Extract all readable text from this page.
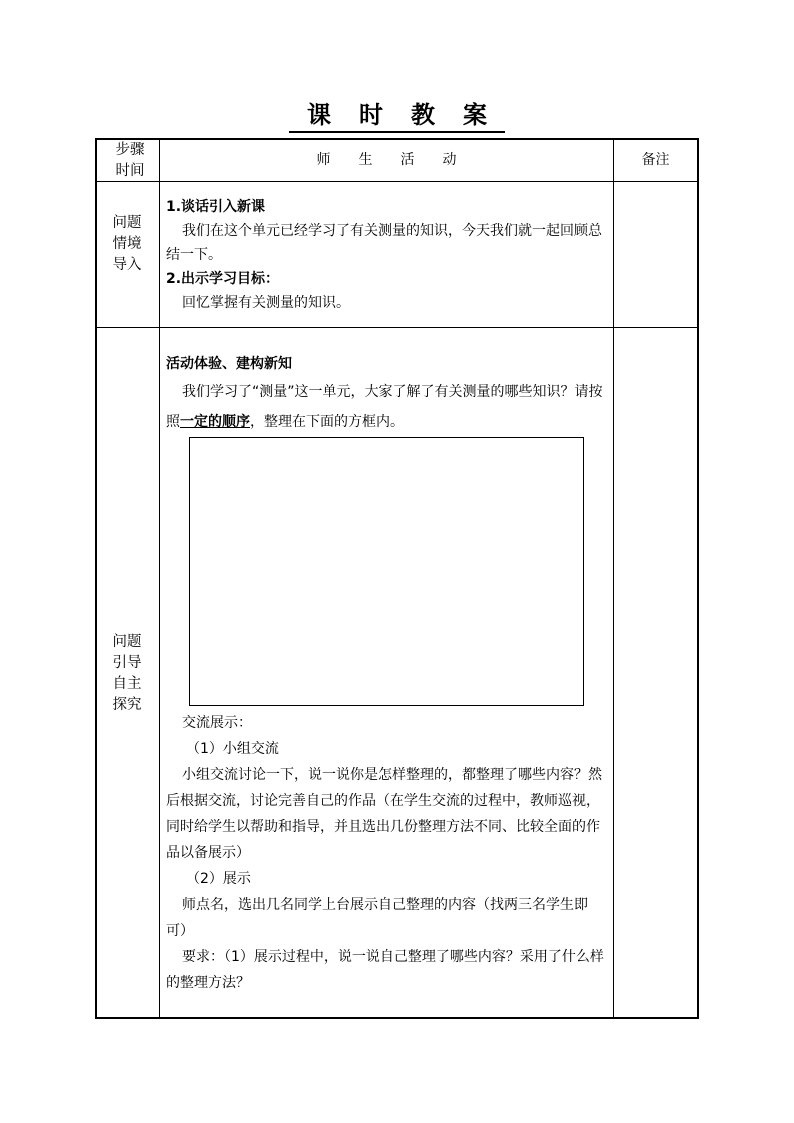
课 时 教 案
步骤
时间
师　　生　　活　　动	备注
问题
情境
导入

1.谈话引入新课

我们在这个单元已经学习了有关测量的知识，今天我们就一起回顾总结一下。

2.出示学习目标：

回忆掌握有关测量的知识。

问题
引导
自主
探究

活动体验、建构新知

我们学习了“测量”这一单元，大家了解了有关测量的哪些知识？请按照一定的顺序，整理在下面的方框内。

交流展示：

（1）小组交流

小组交流讨论一下，说一说你是怎样整理的，都整理了哪些内容？然后根据交流，讨论完善自己的作品（在学生交流的过程中，教师巡视，同时给学生以帮助和指导，并且选出几份整理方法不同、比较全面的作品以备展示）

（2）展示

师点名，选出几名同学上台展示自己整理的内容（找两三名学生即可）

要求：（1）展示过程中，说一说自己整理了哪些内容？采用了什么样的整理方法？
